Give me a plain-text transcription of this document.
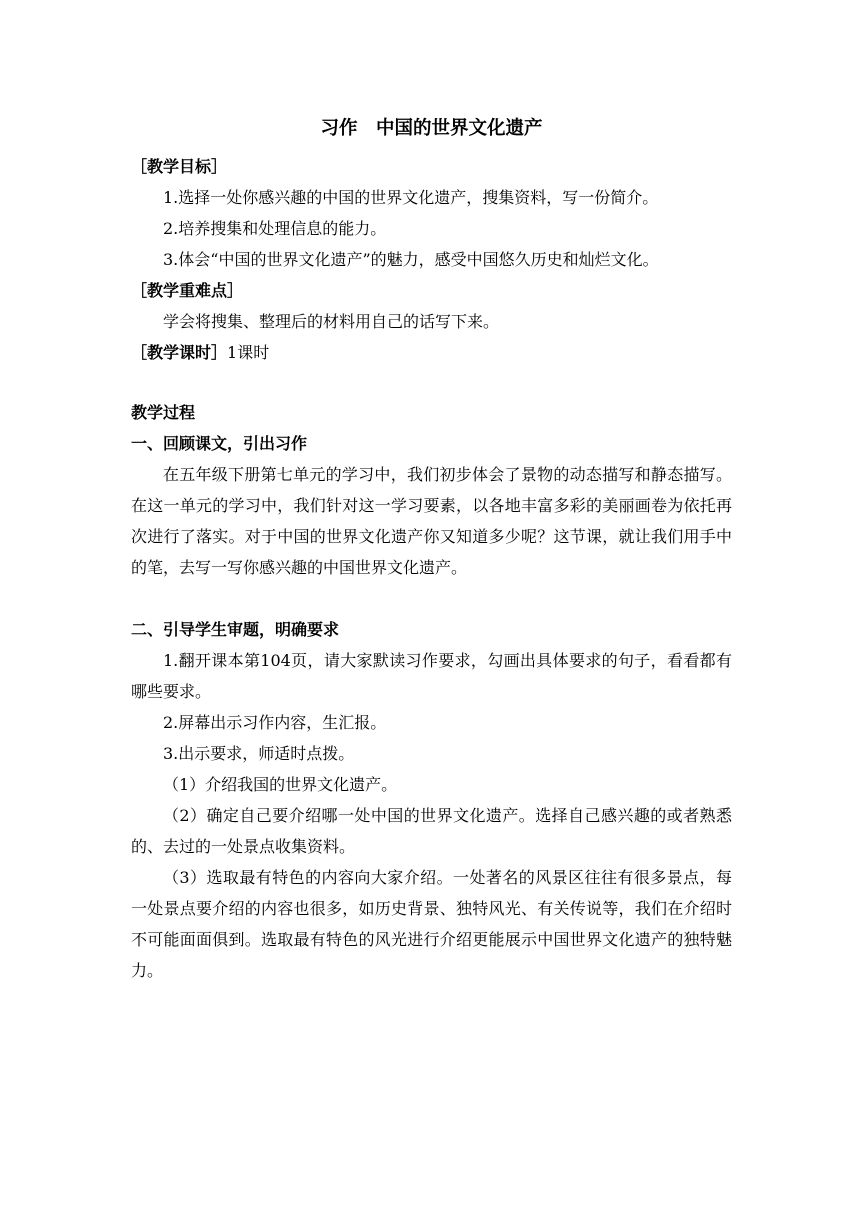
习作　中国的世界文化遗产
［教学目标］

1.选择一处你感兴趣的中国的世界文化遗产，搜集资料，写一份简介。

2.培养搜集和处理信息的能力。

3.体会“中国的世界文化遗产”的魅力，感受中国悠久历史和灿烂文化。

［教学重难点］

学会将搜集、整理后的材料用自己的话写下来。

［教学课时］1课时
教学过程
一、回顾课文，引出习作

在五年级下册第七单元的学习中，我们初步体会了景物的动态描写和静态描写。在这一单元的学习中，我们针对这一学习要素，以各地丰富多彩的美丽画卷为依托再次进行了落实。对于中国的世界文化遗产你又知道多少呢？这节课，就让我们用手中的笔，去写一写你感兴趣的中国世界文化遗产。

二、引导学生审题，明确要求

1.翻开课本第104页，请大家默读习作要求，勾画出具体要求的句子，看看都有哪些要求。

2.屏幕出示习作内容，生汇报。

3.出示要求，师适时点拨。

（1）介绍我国的世界文化遗产。

（2）确定自己要介绍哪一处中国的世界文化遗产。选择自己感兴趣的或者熟悉的、去过的一处景点收集资料。

（3）选取最有特色的内容向大家介绍。一处著名的风景区往往有很多景点，每一处景点要介绍的内容也很多，如历史背景、独特风光、有关传说等，我们在介绍时不可能面面俱到。选取最有特色的风光进行介绍更能展示中国世界文化遗产的独特魅力。
